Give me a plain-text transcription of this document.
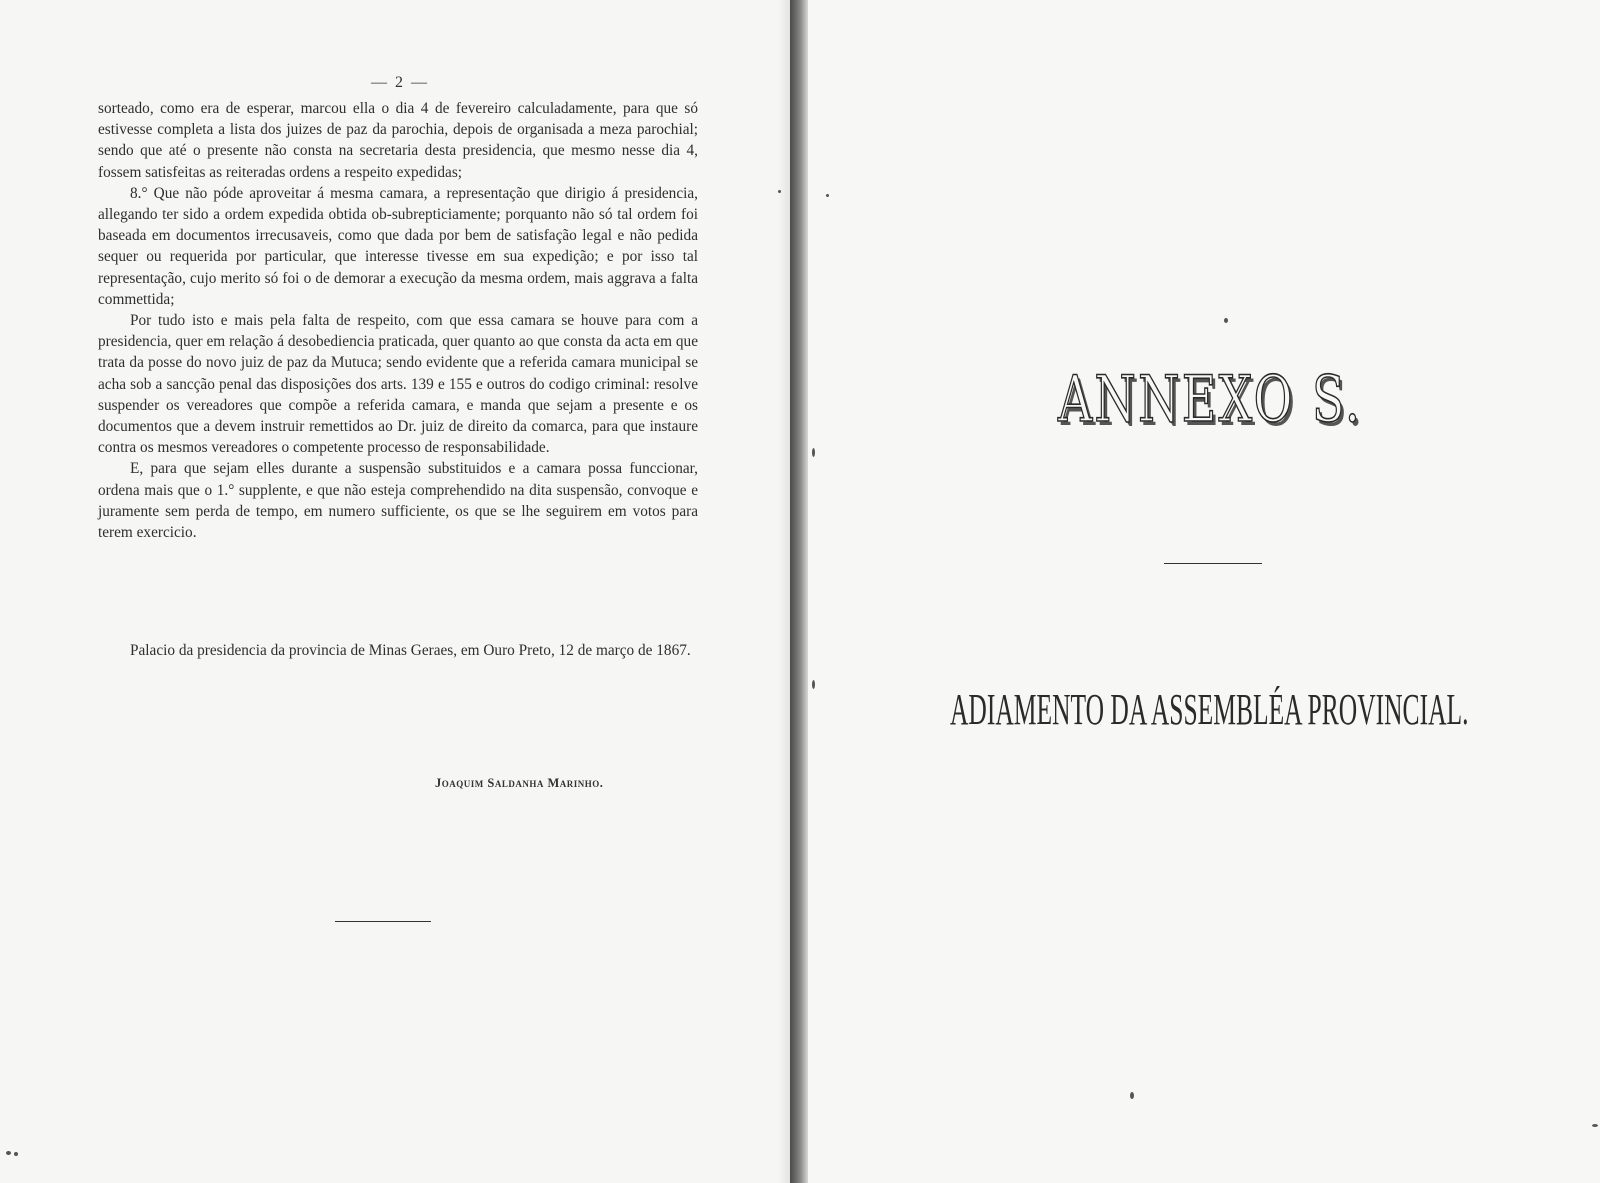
— 2 —

sorteado, como era de esperar, marcou ella o dia 4 de fevereiro calculadamente, para que só estivesse completa a lista dos juizes de paz da parochia, depois de organisada a meza parochial; sendo que até o presente não consta na secretaria desta presidencia, que mesmo nesse dia 4, fossem satisfeitas as reiteradas ordens a respeito expedidas;

8.° Que não póde aproveitar á mesma camara, a representação que dirigio á presidencia, allegando ter sido a ordem expedida obtida ob-subrepticiamente; porquanto não só tal ordem foi baseada em documentos irrecusaveis, como que dada por bem de satisfação legal e não pedida sequer ou requerida por particular, que interesse tivesse em sua expedição; e por isso tal representação, cujo merito só foi o de demorar a execução da mesma ordem, mais aggrava a falta commettida;

Por tudo isto e mais pela falta de respeito, com que essa camara se houve para com a presidencia, quer em relação á desobediencia praticada, quer quanto ao que consta da acta em que trata da posse do novo juiz de paz da Mutuca; sendo evidente que a referida camara municipal se acha sob a sancção penal das disposições dos arts. 139 e 155 e outros do codigo criminal: resolve suspender os vereadores que compõe a referida camara, e manda que sejam a presente e os documentos que a devem instruir remettidos ao Dr. juiz de direito da comarca, para que instaure contra os mesmos vereadores o competente processo de responsabilidade.

E, para que sejam elles durante a suspensão substituidos e a camara possa funccionar, ordena mais que o 1.° supplente, e que não esteja comprehendido na dita suspensão, convoque e juramente sem perda de tempo, em numero sufficiente, os que se lhe seguirem em votos para terem exercicio.

Palacio da presidencia da provincia de Minas Geraes, em Ouro Preto, 12 de março de 1867.

Joaquim Saldanha Marinho.
ANNEXO S.
ADIAMENTO DA ASSEMBLÉA PROVINCIAL.
